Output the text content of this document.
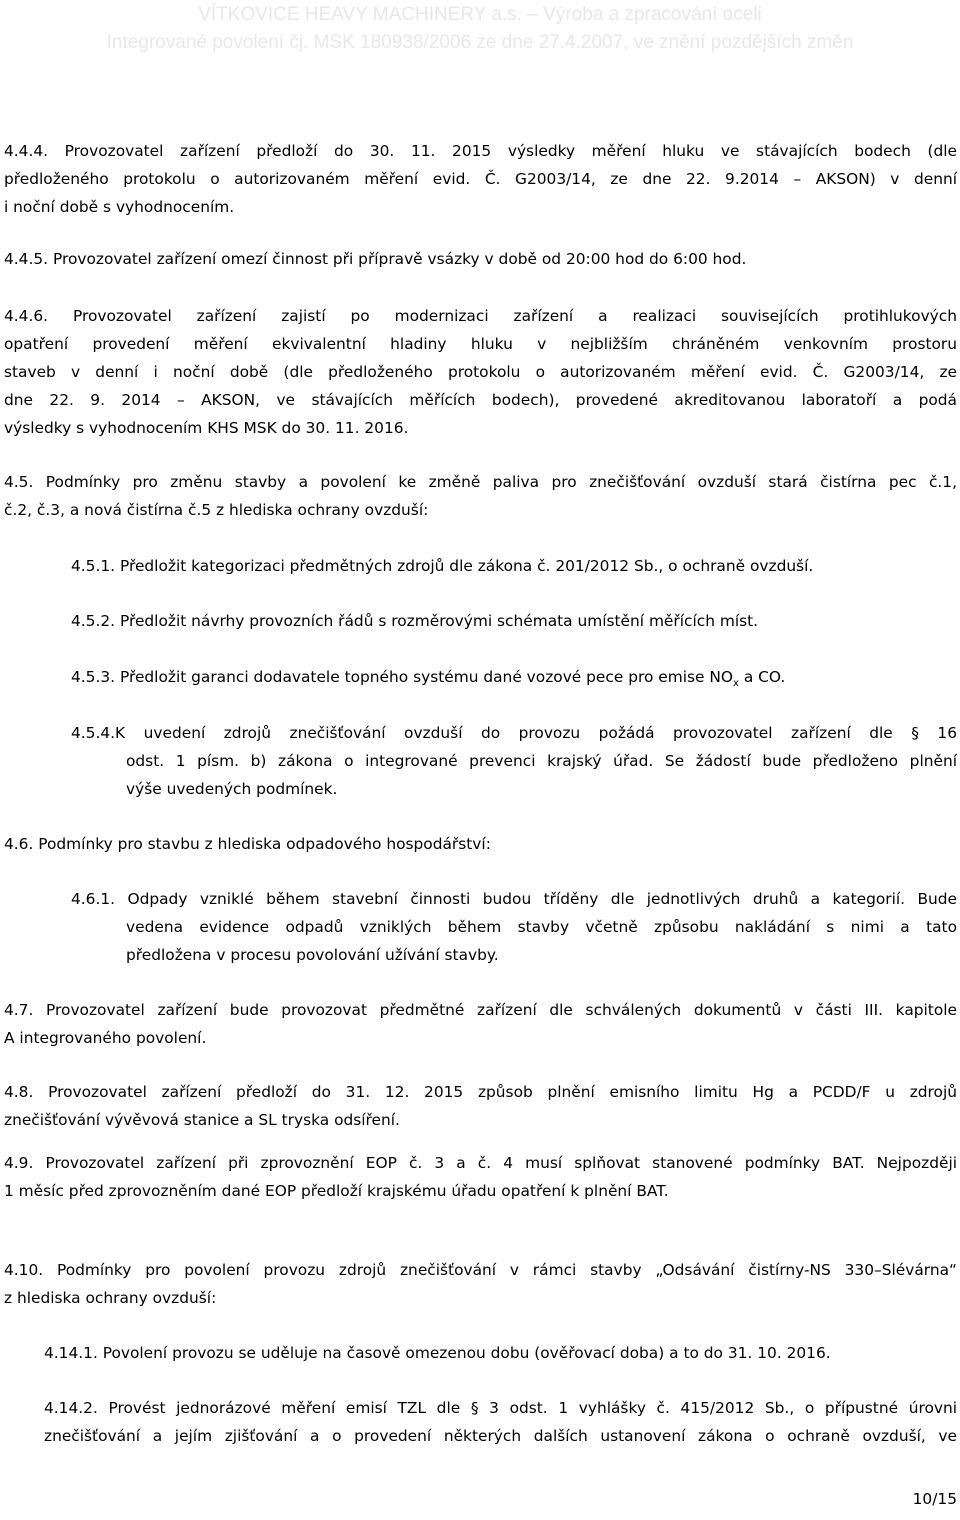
VÍTKOVICE HEAVY MACHINERY a.s. – Výroba a zpracování oceli
Integrované povolení čj. MSK 180938/2006 ze dne 27.4.2007, ve znění pozdějších změn
4.4.4. Provozovatel zařízení předloží do 30. 11. 2015 výsledky měření hluku ve stávajících bodech (dle
předloženého protokolu o autorizovaném měření evid. Č. G2003/14, ze dne 22. 9.2014 – AKSON) v denní
i noční době s vyhodnocením.
4.4.5. Provozovatel zařízení omezí činnost při přípravě vsázky v době od 20:00 hod do 6:00 hod.
4.4.6. Provozovatel zařízení zajistí po modernizaci zařízení a realizaci souvisejících protihlukových
opatření provedení měření ekvivalentní hladiny hluku v nejbližším chráněném venkovním prostoru
staveb v denní i noční době (dle předloženého protokolu o autorizovaném měření evid. Č. G2003/14, ze
dne 22. 9. 2014 – AKSON, ve stávajících měřících bodech), provedené akreditovanou laboratoří a podá
výsledky s vyhodnocením KHS MSK do 30. 11. 2016.
4.5. Podmínky pro změnu stavby a povolení ke změně paliva pro znečišťování ovzduší stará čistírna pec č.1,
č.2, č.3, a nová čistírna č.5 z hlediska ochrany ovzduší:
4.5.1. Předložit kategorizaci předmětných zdrojů dle zákona č. 201/2012 Sb., o ochraně ovzduší.
4.5.2. Předložit návrhy provozních řádů s rozměrovými schémata umístění měřících míst.
4.5.3. Předložit garanci dodavatele topného systému dané vozové pece pro emise $NO_x$ a CO.
4.5.4.K uvedení zdrojů znečišťování ovzduší do provozu požádá provozovatel zařízení dle § 16
odst. 1 písm. b) zákona o integrované prevenci krajský úřad. Se žádostí bude předloženo plnění
výše uvedených podmínek.
4.6. Podmínky pro stavbu z hlediska odpadového hospodářství:
4.6.1. Odpady vzniklé během stavební činnosti budou tříděny dle jednotlivých druhů a kategorií. Bude
vedena evidence odpadů vzniklých během stavby včetně způsobu nakládání s nimi a tato
předložena v procesu povolování užívání stavby.
4.7. Provozovatel zařízení bude provozovat předmětné zařízení dle schválených dokumentů v části III. kapitole
A integrovaného povolení.
4.8. Provozovatel zařízení předloží do 31. 12. 2015 způsob plnění emisního limitu Hg a PCDD/F u zdrojů
znečišťování vývěvová stanice a SL tryska odsíření.
4.9. Provozovatel zařízení při zprovoznění EOP č. 3 a č. 4 musí splňovat stanovené podmínky BAT. Nejpozději
1 měsíc před zprovozněním dané EOP předloží krajskému úřadu opatření k plnění BAT.
4.10. Podmínky pro povolení provozu zdrojů znečišťování v rámci stavby „Odsávání čistírny-NS 330–Slévárna“
z hlediska ochrany ovzduší:
4.14.1. Povolení provozu se uděluje na časově omezenou dobu (ověřovací doba) a to do 31. 10. 2016.
4.14.2. Provést jednorázové měření emisí TZL dle § 3 odst. 1 vyhlášky č. 415/2012 Sb., o přípustné úrovni
znečišťování a jejím zjišťování a o provedení některých dalších ustanovení zákona o ochraně ovzduší, ve
10/15
